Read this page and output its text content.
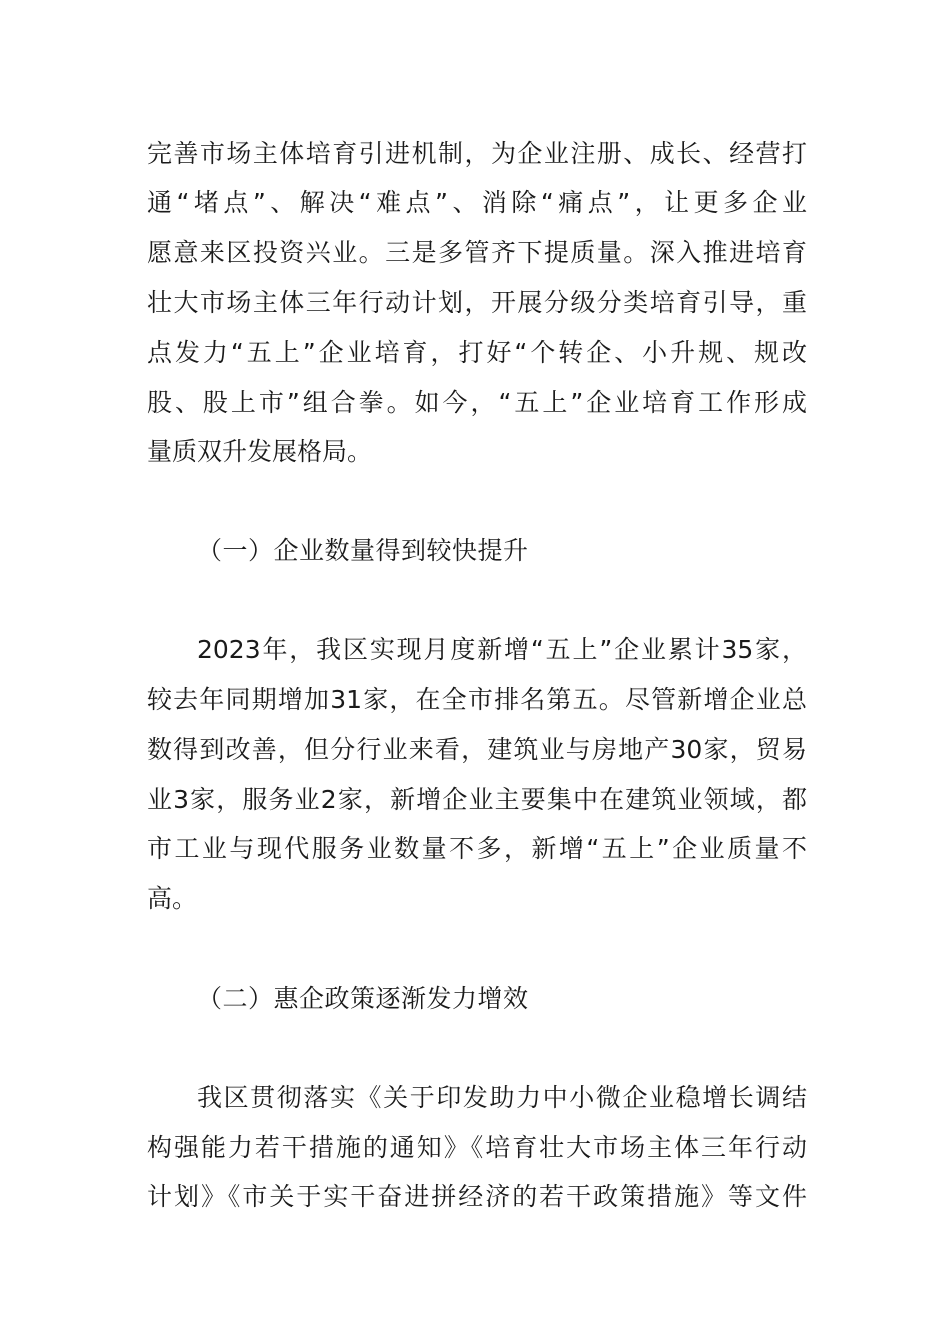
完善市场主体培育引进机制，为企业注册、成长、经营打
通“堵点”、解决“难点”、消除“痛点”，让更多企业
愿意来区投资兴业。三是多管齐下提质量。深入推进培育
壮大市场主体三年行动计划，开展分级分类培育引导，重
点发力“五上”企业培育，打好“个转企、小升规、规改
股、股上市”组合拳。如今，“五上”企业培育工作形成
量质双升发展格局。
（一）企业数量得到较快提升
2023年，我区实现月度新增“五上”企业累计35家，
较去年同期增加31家，在全市排名第五。尽管新增企业总
数得到改善，但分行业来看，建筑业与房地产30家，贸易
业3家，服务业2家，新增企业主要集中在建筑业领域，都
市工业与现代服务业数量不多，新增“五上”企业质量不
高。
（二）惠企政策逐渐发力增效
我区贯彻落实《关于印发助力中小微企业稳增长调结
构强能力若干措施的通知》《培育壮大市场主体三年行动
计划》《市关于实干奋进拼经济的若干政策措施》等文件
